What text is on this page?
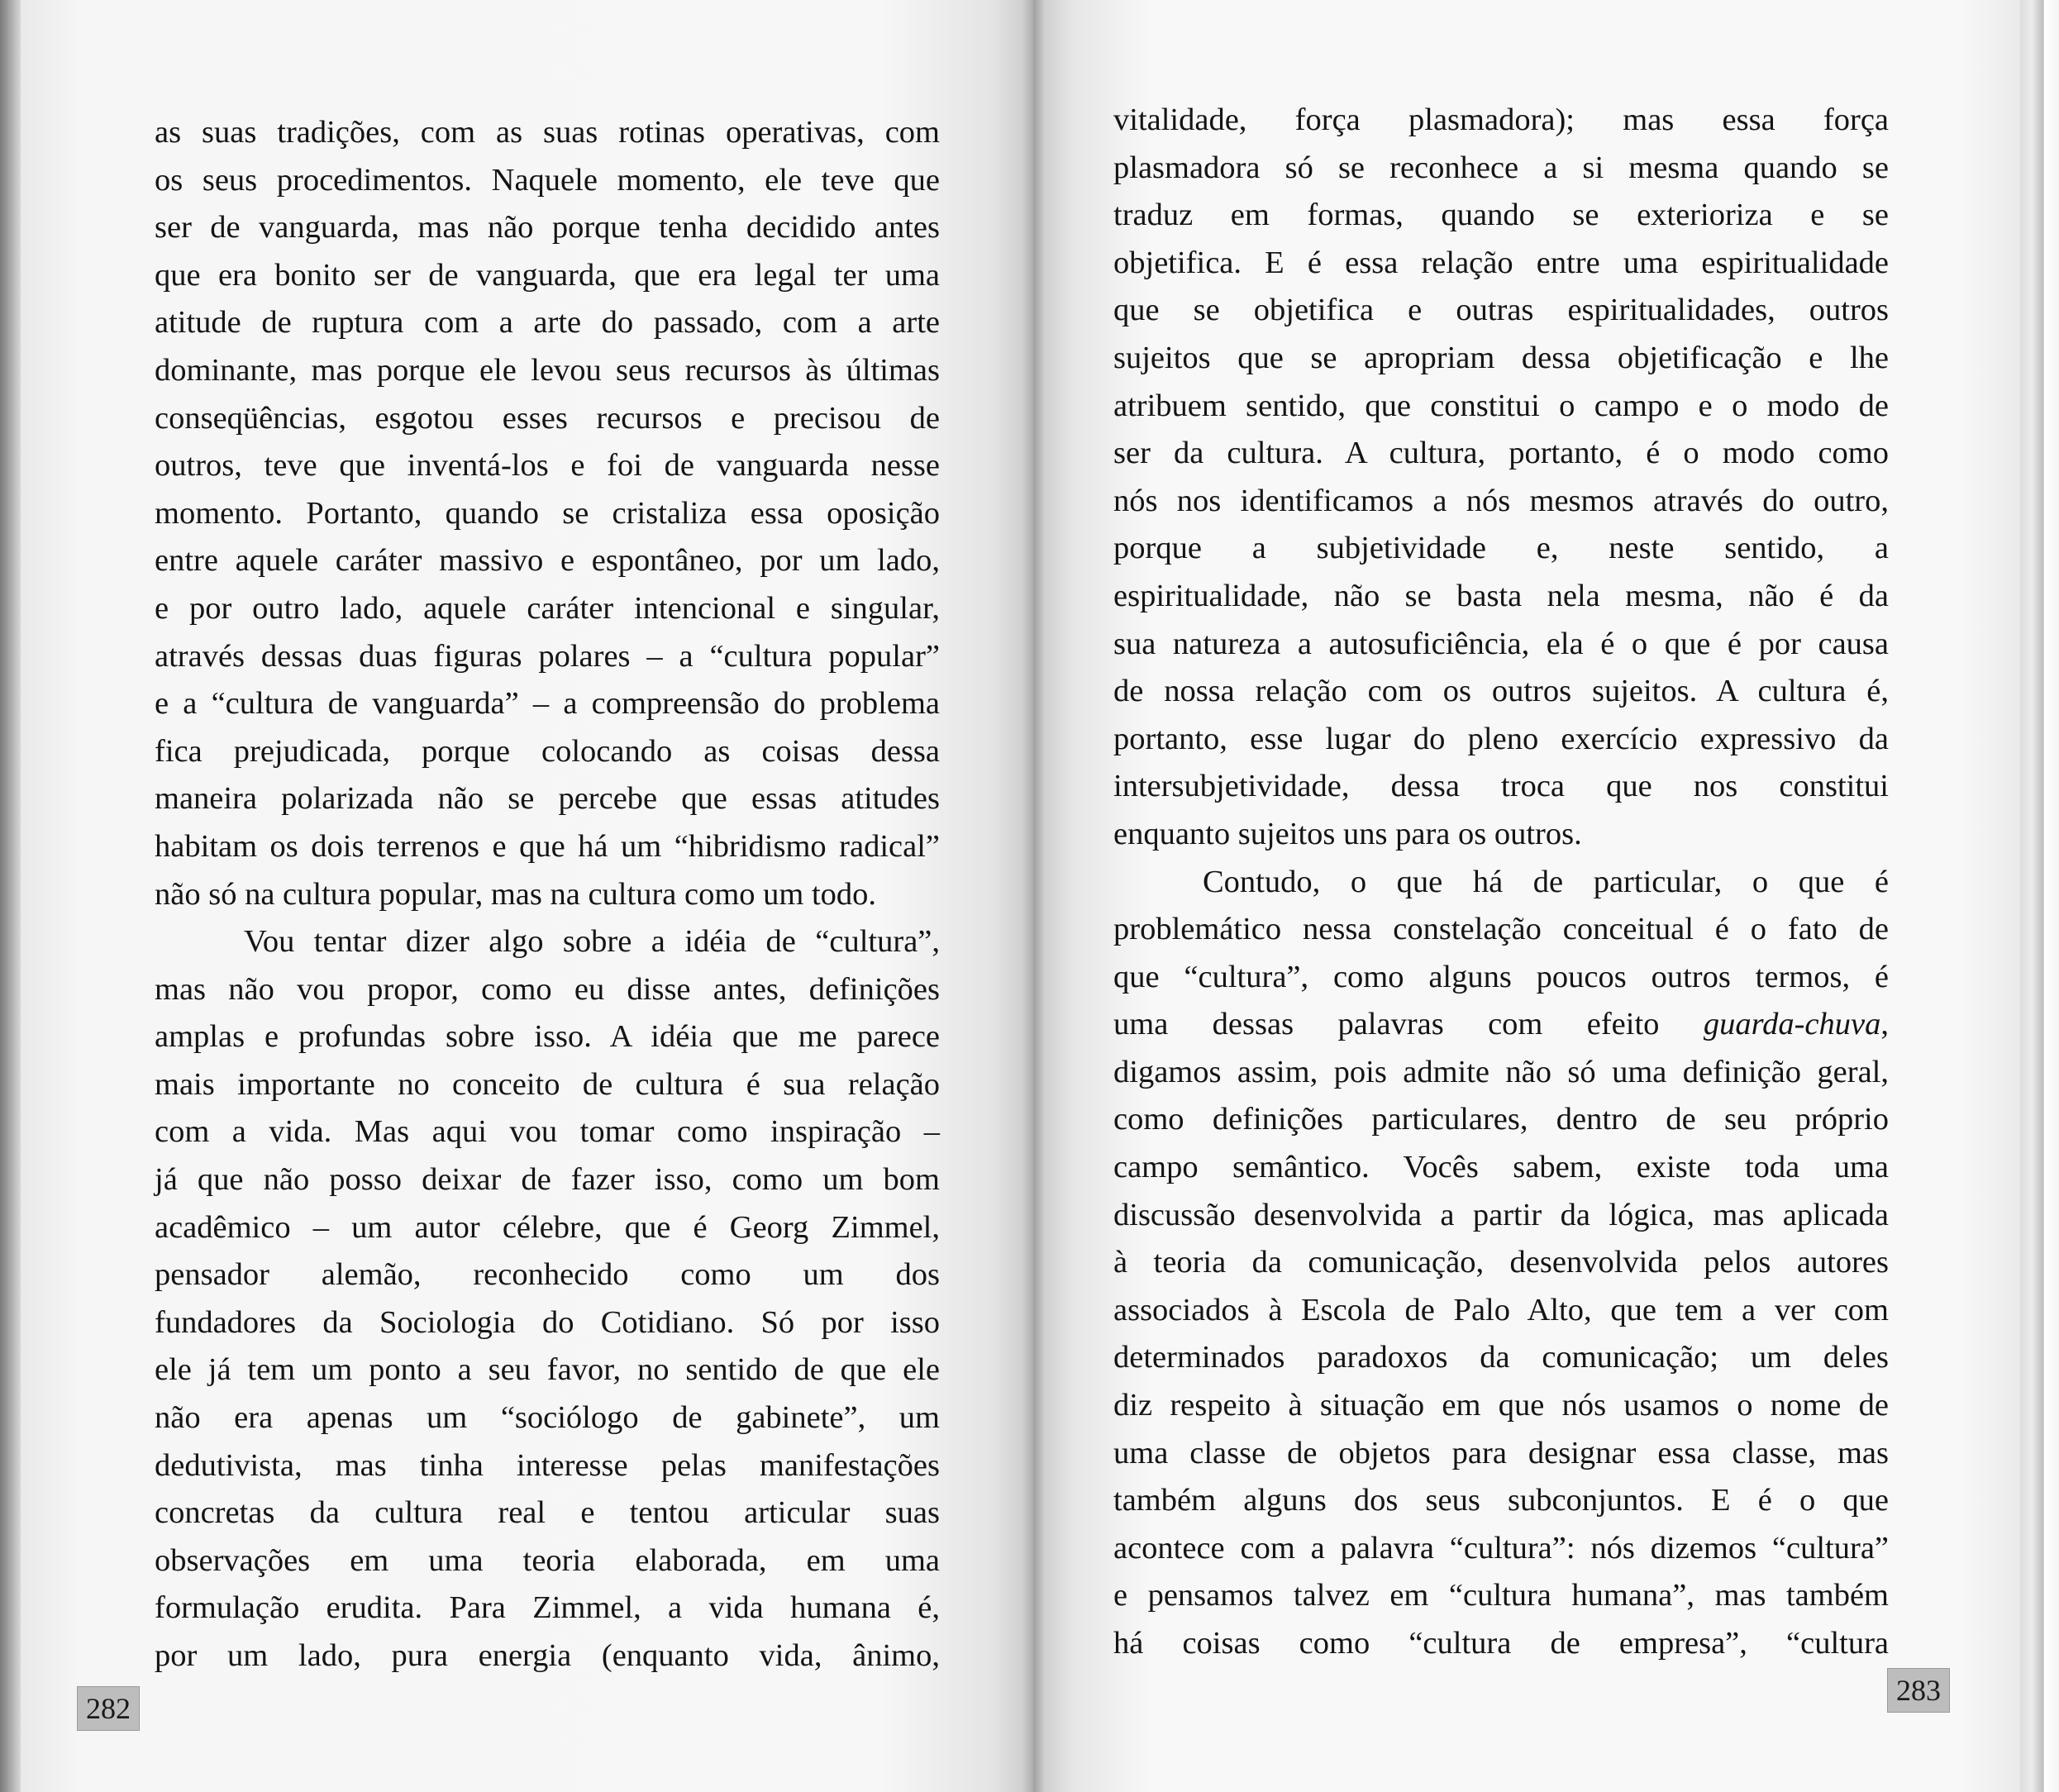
as suas tradições, com as suas rotinas operativas, com
os seus procedimentos. Naquele momento, ele teve que
ser de vanguarda, mas não porque tenha decidido antes
que era bonito ser de vanguarda, que era legal ter uma
atitude de ruptura com a arte do passado, com a arte
dominante, mas porque ele levou seus recursos às últimas
conseqüências, esgotou esses recursos e precisou de
outros, teve que inventá-los e foi de vanguarda nesse
momento. Portanto, quando se cristaliza essa oposição
entre aquele caráter massivo e espontâneo, por um lado,
e por outro lado, aquele caráter intencional e singular,
através dessas duas figuras polares – a “cultura popular”
e a “cultura de vanguarda” – a compreensão do problema
fica prejudicada, porque colocando as coisas dessa
maneira polarizada não se percebe que essas atitudes
habitam os dois terrenos e que há um “hibridismo radical”
não só na cultura popular, mas na cultura como um todo.
Vou tentar dizer algo sobre a idéia de “cultura”,
mas não vou propor, como eu disse antes, definições
amplas e profundas sobre isso. A idéia que me parece
mais importante no conceito de cultura é sua relação
com a vida. Mas aqui vou tomar como inspiração –
já que não posso deixar de fazer isso, como um bom
acadêmico – um autor célebre, que é Georg Zimmel,
pensador alemão, reconhecido como um dos
fundadores da Sociologia do Cotidiano. Só por isso
ele já tem um ponto a seu favor, no sentido de que ele
não era apenas um “sociólogo de gabinete”, um
dedutivista, mas tinha interesse pelas manifestações
concretas da cultura real e tentou articular suas
observações em uma teoria elaborada, em uma
formulação erudita. Para Zimmel, a vida humana é,
por um lado, pura energia (enquanto vida, ânimo,
282
vitalidade, força plasmadora); mas essa força
plasmadora só se reconhece a si mesma quando se
traduz em formas, quando se exterioriza e se
objetifica. E é essa relação entre uma espiritualidade
que se objetifica e outras espiritualidades, outros
sujeitos que se apropriam dessa objetificação e lhe
atribuem sentido, que constitui o campo e o modo de
ser da cultura. A cultura, portanto, é o modo como
nós nos identificamos a nós mesmos através do outro,
porque a subjetividade e, neste sentido, a
espiritualidade, não se basta nela mesma, não é da
sua natureza a autosuficiência, ela é o que é por causa
de nossa relação com os outros sujeitos. A cultura é,
portanto, esse lugar do pleno exercício expressivo da
intersubjetividade, dessa troca que nos constitui
enquanto sujeitos uns para os outros.
Contudo, o que há de particular, o que é
problemático nessa constelação conceitual é o fato de
que “cultura”, como alguns poucos outros termos, é
uma dessas palavras com efeito guarda-chuva,
digamos assim, pois admite não só uma definição geral,
como definições particulares, dentro de seu próprio
campo semântico. Vocês sabem, existe toda uma
discussão desenvolvida a partir da lógica, mas aplicada
à teoria da comunicação, desenvolvida pelos autores
associados à Escola de Palo Alto, que tem a ver com
determinados paradoxos da comunicação; um deles
diz respeito à situação em que nós usamos o nome de
uma classe de objetos para designar essa classe, mas
também alguns dos seus subconjuntos. E é o que
acontece com a palavra “cultura”: nós dizemos “cultura”
e pensamos talvez em “cultura humana”, mas também
há coisas como “cultura de empresa”, “cultura
283
